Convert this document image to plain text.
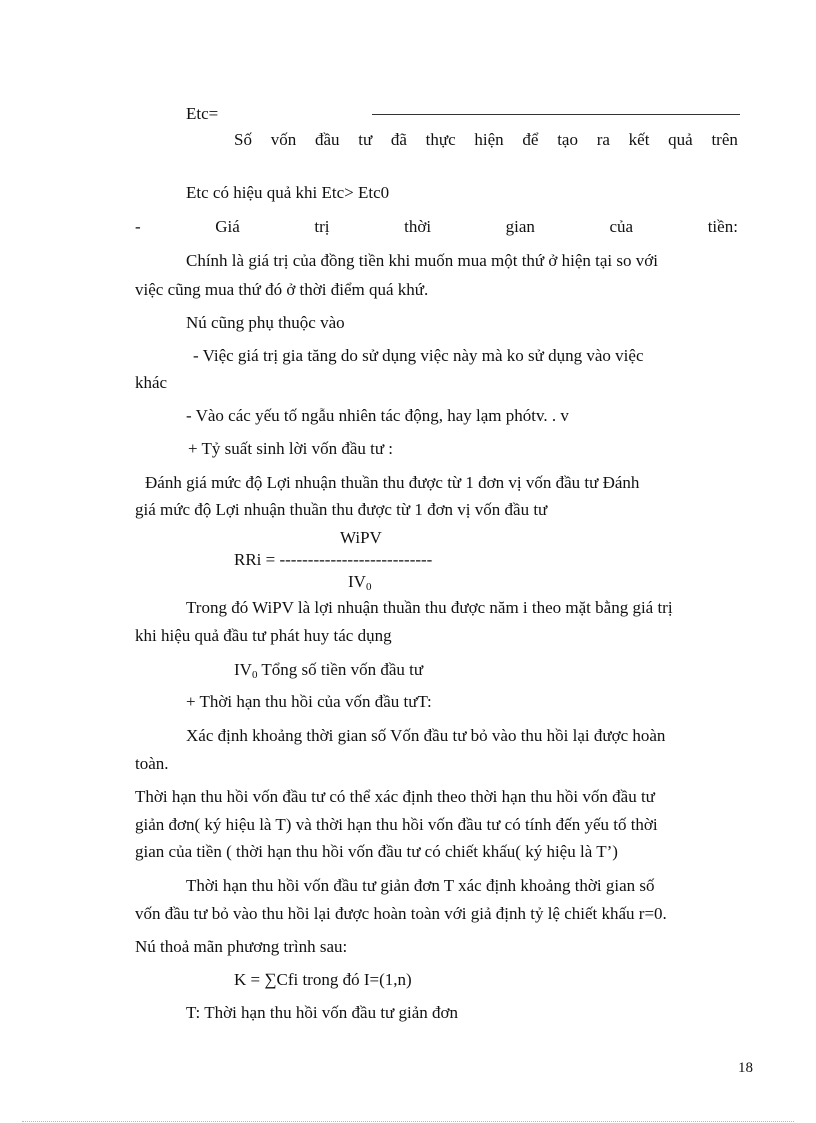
Etc=
Số vốn đầu tư đã thực hiện để tạo ra kết quả trên
Etc có hiệu quả khi Etc> Etc0
-	Giá	trị	thời	gian	của	tiền:
Chính là giá trị của đồng tiền khi muốn mua một thứ ở hiện tại so với
việc cũng mua thứ đó ở thời điểm quá khứ.
Nú cũng phụ thuộc vào
- Việc giá trị gia tăng do sử dụng việc này mà ko sử dụng vào việc
khác
- Vào các yếu tố ngẫu nhiên tác động, hay lạm phótv. . v
+ Tỷ suất sinh lời vốn đầu tư :
Đánh giá mức độ Lợi nhuận thuần thu được từ 1 đơn vị vốn đầu tư Đánh
giá mức độ Lợi nhuận thuần thu được từ 1 đơn vị vốn đầu tư
WiPV
RRi = ---------------------------
$IV_0$
Trong đó WiPV là lợi nhuận thuần thu được năm i theo mặt bằng giá trị
khi hiệu quả đầu tư phát huy tác dụng
$IV_0$ Tổng số tiền vốn đầu tư
+ Thời hạn thu hồi của vốn đầu tưT:
Xác định khoảng thời gian số Vốn đầu tư bỏ vào thu hồi lại được hoàn
toàn.
Thời hạn thu hồi vốn đầu tư có thể xác định theo thời hạn thu hồi vốn đầu tư
giản đơn( ký hiệu là T) và thời hạn thu hồi vốn đầu tư có tính đến yếu tố thời
gian của tiền ( thời hạn thu hồi vốn đầu tư có chiết khấu( ký hiệu là T’)
Thời hạn thu hồi vốn đầu tư giản đơn T xác định khoảng thời gian số
vốn đầu tư bỏ vào thu hồi lại được hoàn toàn với giả định tỷ lệ chiết khấu r=0.
Nú thoả mãn phương trình sau:
K = ∑Cfi trong đó I=(1,n)
T: Thời hạn thu hồi vốn đầu tư giản đơn
18
